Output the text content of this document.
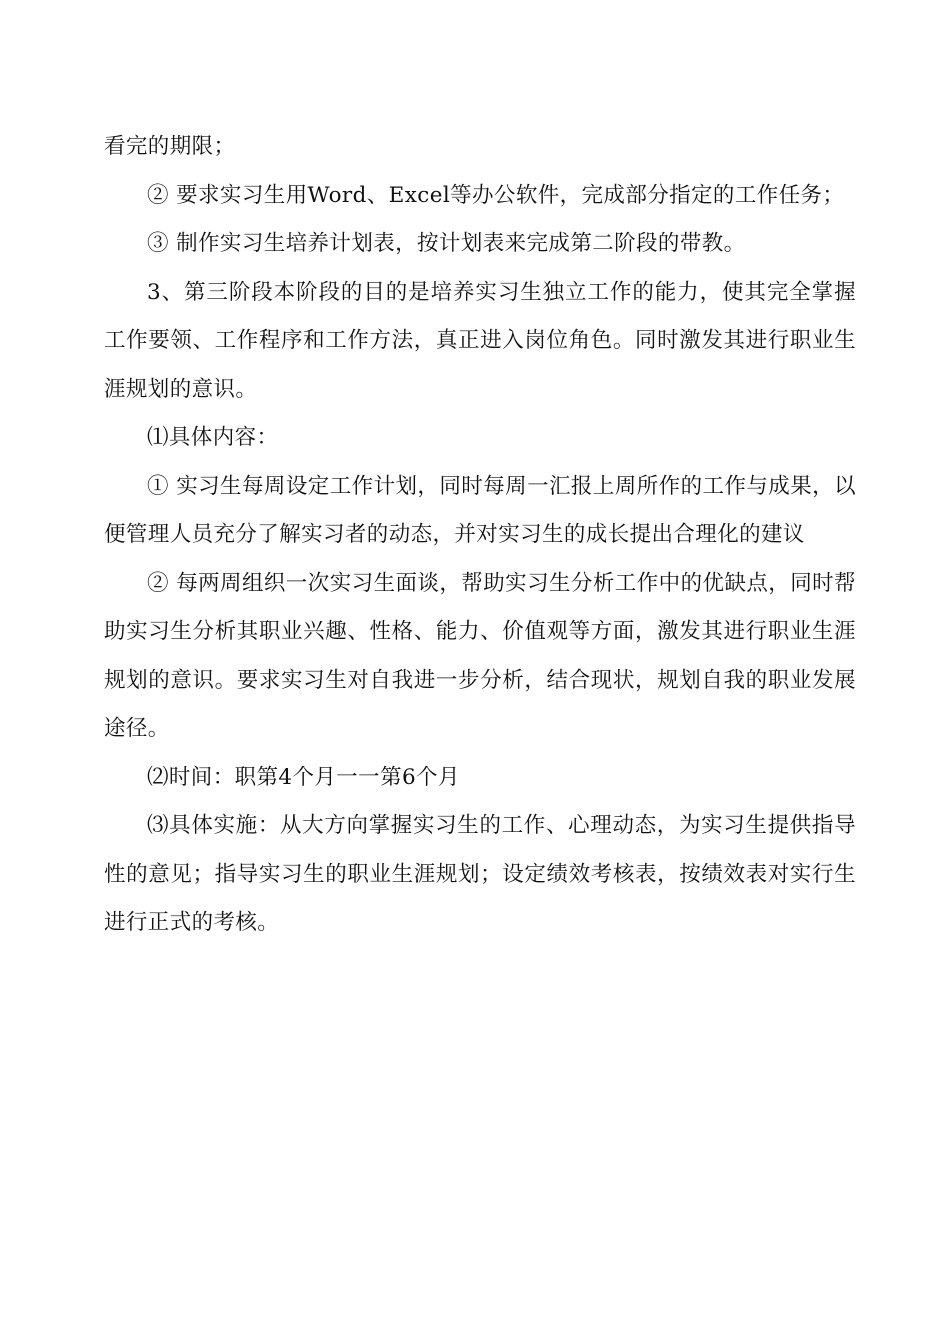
看完的期限；

② 要求实习生用Word、Excel等办公软件，完成部分指定的工作任务；

③ 制作实习生培养计划表，按计划表来完成第二阶段的带教。

3、第三阶段本阶段的目的是培养实习生独立工作的能力，使其完全掌握工作要领、工作程序和工作方法，真正进入岗位角色。同时激发其进行职业生涯规划的意识。

⑴具体内容：

① 实习生每周设定工作计划，同时每周一汇报上周所作的工作与成果，以便管理人员充分了解实习者的动态，并对实习生的成长提出合理化的建议

② 每两周组织一次实习生面谈，帮助实习生分析工作中的优缺点，同时帮助实习生分析其职业兴趣、性格、能力、价值观等方面，激发其进行职业生涯规划的意识。要求实习生对自我进一步分析，结合现状，规划自我的职业发展途径。

⑵时间：职第4个月一一第6个月

⑶具体实施：从大方向掌握实习生的工作、心理动态，为实习生提供指导性的意见；指导实习生的职业生涯规划；设定绩效考核表，按绩效表对实行生进行正式的考核。
